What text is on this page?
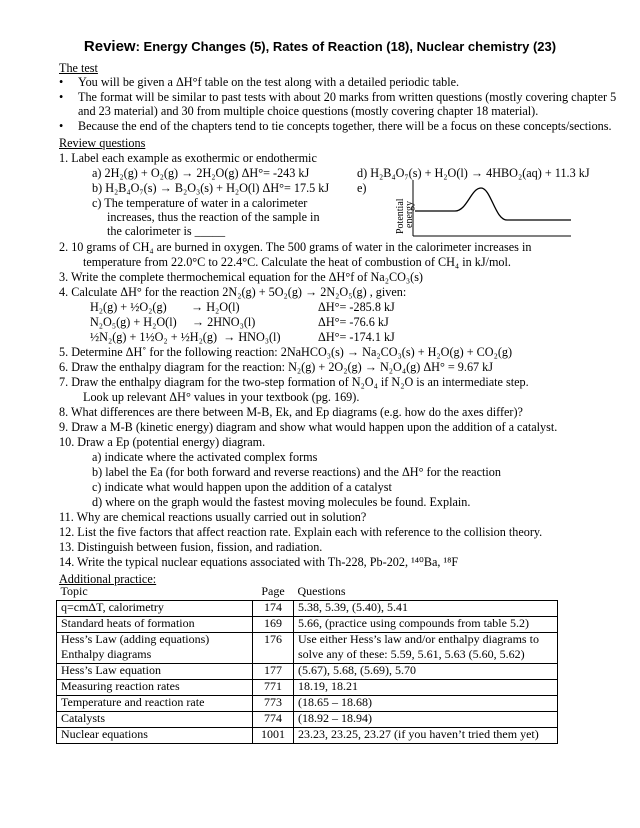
Review: Energy Changes (5), Rates of Reaction (18), Nuclear chemistry (23)
The test
• You will be given a ΔH°f table on the test along with a detailed periodic table.
• The format will be similar to past tests with about 20 marks from written questions (mostly covering chapter 5
and 23 material) and 30 from multiple choice questions (mostly covering chapter 18 material).
• Because the end of the chapters tend to tie concepts together, there will be a focus on these concepts/sections.
Review questions
1. Label each example as exothermic or endothermic
a) 2H₂(g) + O₂(g) → 2H₂O(g) ΔH°= -243 kJ
b) H₂B₄O₇(s) → B₂O₃(s) + H₂O(l) ΔH°= 17.5 kJ
c) The temperature of water in a calorimeter
increases, thus the reaction of the sample in
the calorimeter is _____
d) H₂B₄O₇(s) + H₂O(l) → 4HBO₂(aq) + 11.3 kJ
e)
Potential
energy
2. 10 grams of CH₄ are burned in oxygen. The 500 grams of water in the calorimeter increases in
temperature from 22.0°C to 22.4°C. Calculate the heat of combustion of CH₄ in kJ/mol.
3. Write the complete thermochemical equation for the ΔH°f of Na₂CO₃(s)
4. Calculate ΔH° for the reaction 2N₂(g) + 5O₂(g) → 2N₂O₅(g) , given:
H₂(g) + ½O₂(g)        → H₂O(l)	ΔH°= -285.8 kJ
N₂O₅(g) + H₂O(l)     → 2HNO₃(l)	ΔH°= -76.6 kJ
½N₂(g) + 1½O₂ + ½H₂(g)  → HNO₃(l)	ΔH°= -174.1 kJ
5. Determine ΔH˚ for the following reaction: 2NaHCO₃(s) → Na₂CO₃(s) + H₂O(g) + CO₂(g)
6. Draw the enthalpy diagram for the reaction: N₂(g) + 2O₂(g) → N₂O₄(g) ΔH° = 9.67 kJ
7. Draw the enthalpy diagram for the two-step formation of N₂O₄ if N₂O is an intermediate step.
Look up relevant ΔH° values in your textbook (pg. 169).
8. What differences are there between M-B, Ek, and Ep diagrams (e.g. how do the axes differ)?
9. Draw a M-B (kinetic energy) diagram and show what would happen upon the addition of a catalyst.
10. Draw a Ep (potential energy) diagram.
a) indicate where the activated complex forms
b) label the Ea (for both forward and reverse reactions) and the ΔH° for the reaction
c) indicate what would happen upon the addition of a catalyst
d) where on the graph would the fastest moving molecules be found. Explain.
11. Why are chemical reactions usually carried out in solution?
12. List the five factors that affect reaction rate. Explain each with reference to the collision theory.
13. Distinguish between fusion, fission, and radiation.
14. Write the typical nuclear equations associated with Th-228, Pb-202, ¹⁴⁰Ba, ¹⁸F
Additional practice:
Topic	Page	Questions
q=cmΔT, calorimetry	174	5.38, 5.39, (5.40), 5.41
Standard heats of formation	169	5.66, (practice using compounds from table 5.2)
Hess’s Law (adding equations)	176	Use either Hess’s law and/or enthalpy diagrams to
Enthalpy diagrams		solve any of these: 5.59, 5.61, 5.63 (5.60, 5.62)
Hess’s Law equation	177	(5.67), 5.68, (5.69), 5.70
Measuring reaction rates	771	18.19, 18.21
Temperature and reaction rate	773	(18.65 – 18.68)
Catalysts	774	(18.92 – 18.94)
Nuclear equations	1001	23.23, 23.25, 23.27 (if you haven’t tried them yet)
